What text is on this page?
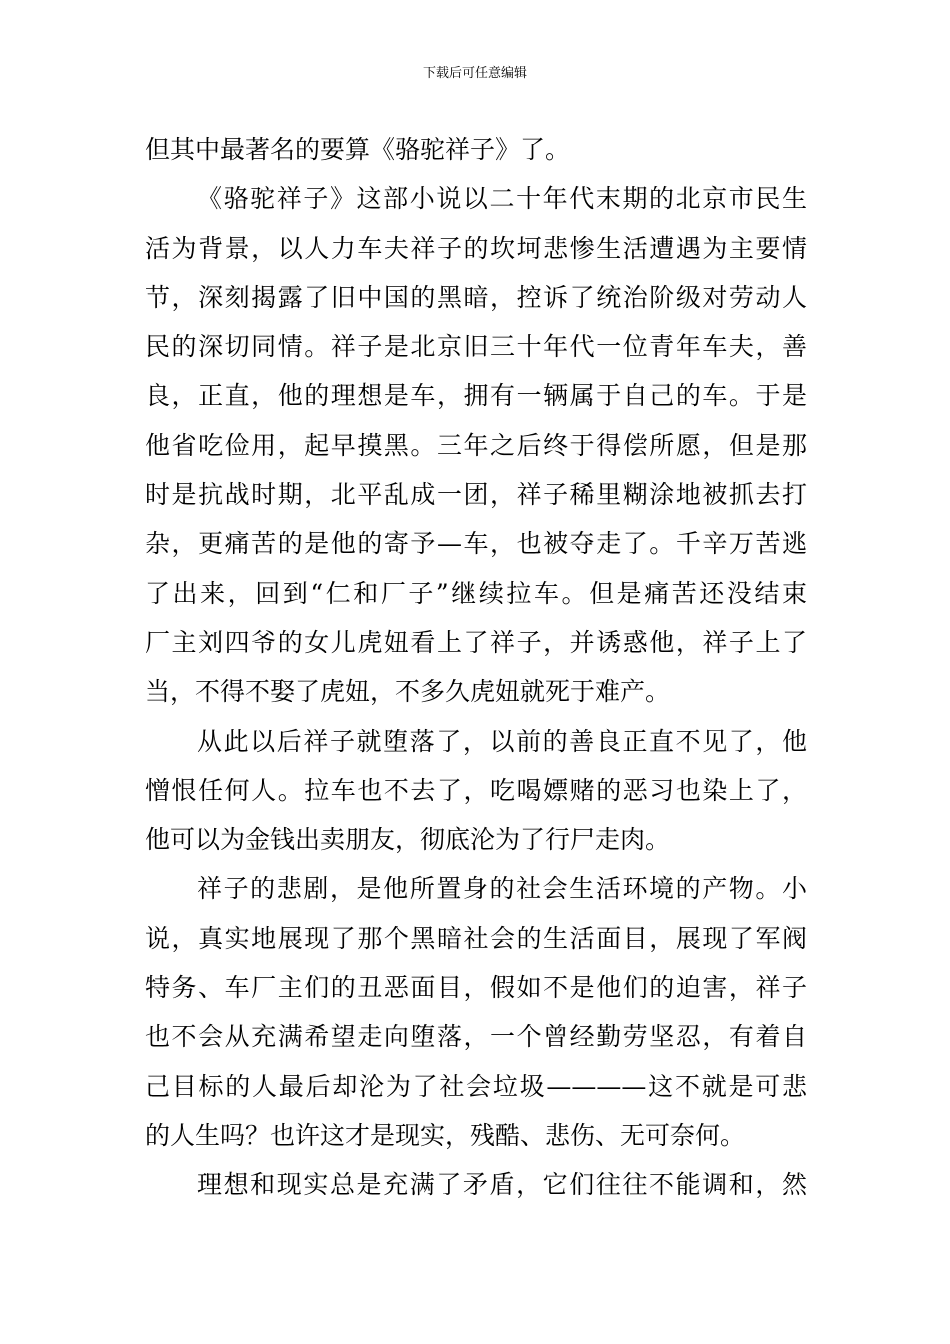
下载后可任意编辑
但其中最著名的要算《骆驼祥子》了。
《骆驼祥子》这部小说以二十年代末期的北京市民生
活为背景，以人力车夫祥子的坎坷悲惨生活遭遇为主要情
节，深刻揭露了旧中国的黑暗，控诉了统治阶级对劳动人
民的深切同情。祥子是北京旧三十年代一位青年车夫，善
良，正直，他的理想是车，拥有一辆属于自己的车。于是
他省吃俭用，起早摸黑。三年之后终于得偿所愿，但是那
时是抗战时期，北平乱成一团，祥子稀里糊涂地被抓去打
杂，更痛苦的是他的寄予—车，也被夺走了。千辛万苦逃
了出来，回到“仁和厂子”继续拉车。但是痛苦还没结束
厂主刘四爷的女儿虎妞看上了祥子，并诱惑他，祥子上了
当，不得不娶了虎妞，不多久虎妞就死于难产。
从此以后祥子就堕落了，以前的善良正直不见了，他
憎恨任何人。拉车也不去了，吃喝嫖赌的恶习也染上了，
他可以为金钱出卖朋友，彻底沦为了行尸走肉。
祥子的悲剧，是他所置身的社会生活环境的产物。小
说，真实地展现了那个黑暗社会的生活面目，展现了军阀
特务、车厂主们的丑恶面目，假如不是他们的迫害，祥子
也不会从充满希望走向堕落，一个曾经勤劳坚忍，有着自
己目标的人最后却沦为了社会垃圾————这不就是可悲
的人生吗？也许这才是现实，残酷、悲伤、无可奈何。
理想和现实总是充满了矛盾，它们往往不能调和，然
